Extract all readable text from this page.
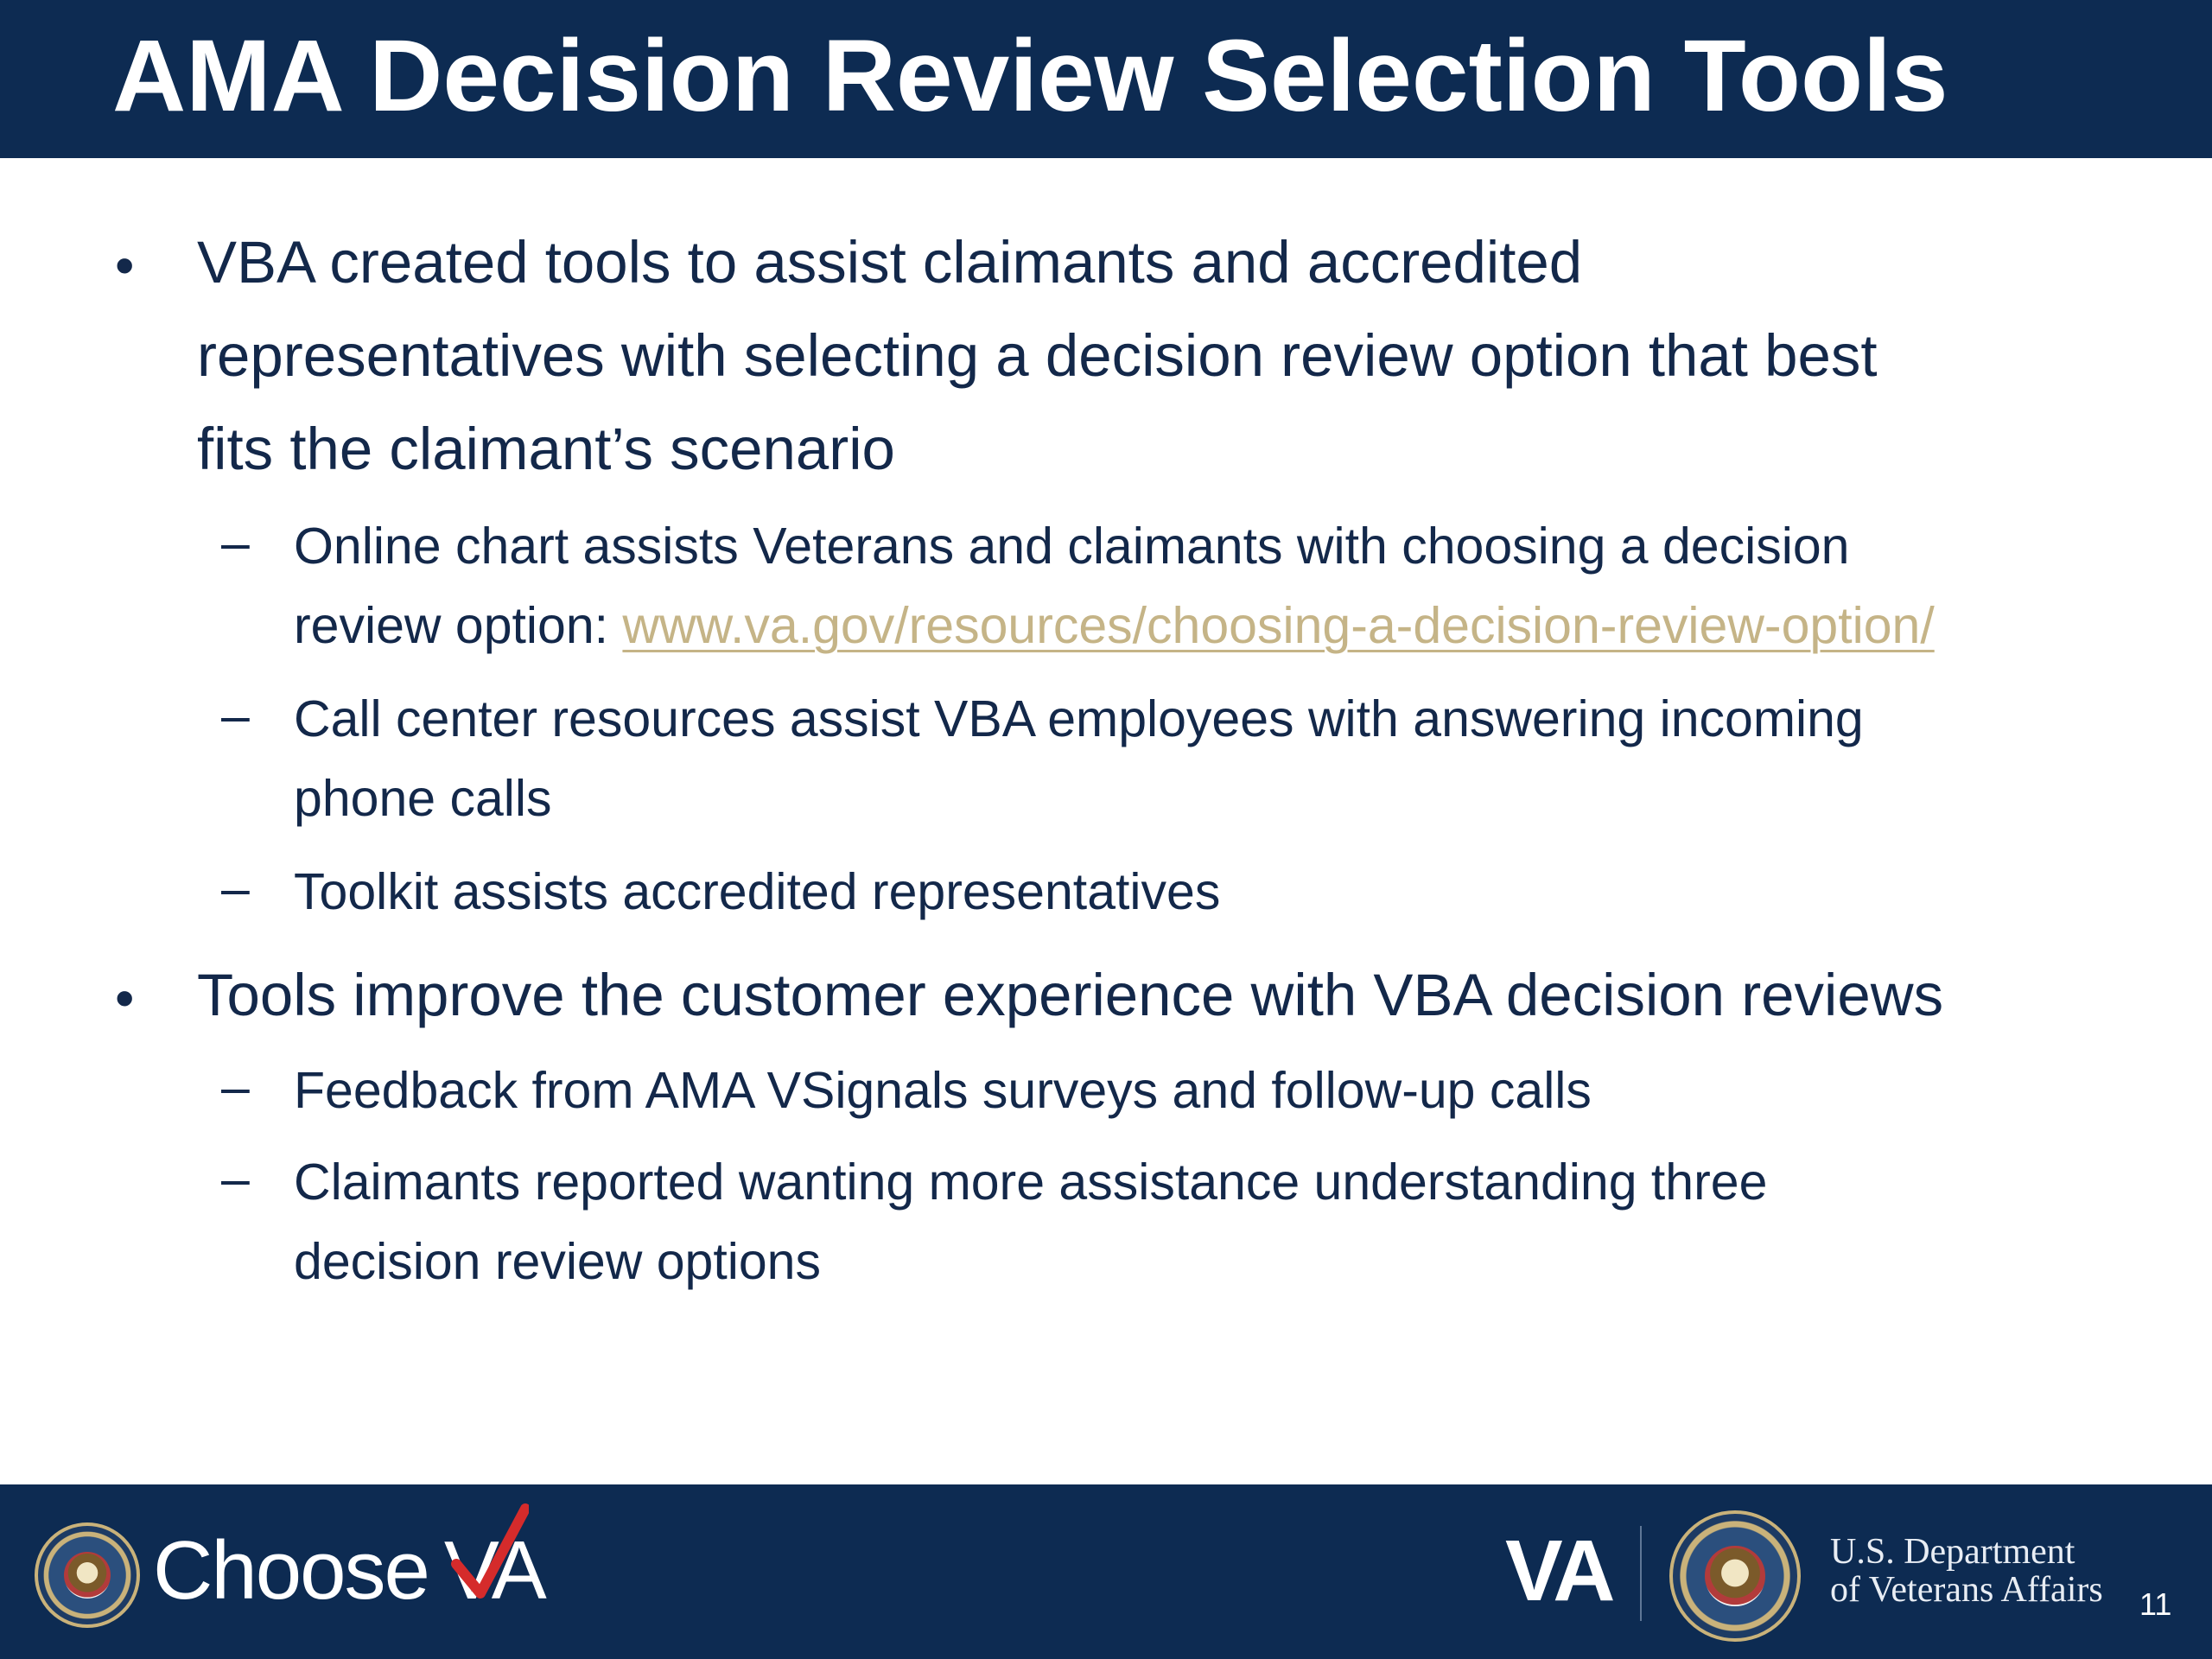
AMA Decision Review Selection Tools
• VBA created tools to assist claimants and accredited
representatives with selecting a decision review option that best
fits the claimant’s scenario
– Online chart assists Veterans and claimants with choosing a decision
review option: www.va.gov/resources/choosing-a-decision-review-option/
– Call center resources assist VBA employees with answering incoming
phone calls
– Toolkit assists accredited representatives
• Tools improve the customer experience with VBA decision reviews
– Feedback from AMA VSignals surveys and follow-up calls
– Claimants reported wanting more assistance understanding three
decision review options
Choose VA	VA	U.S. Department
of Veterans Affairs 11
